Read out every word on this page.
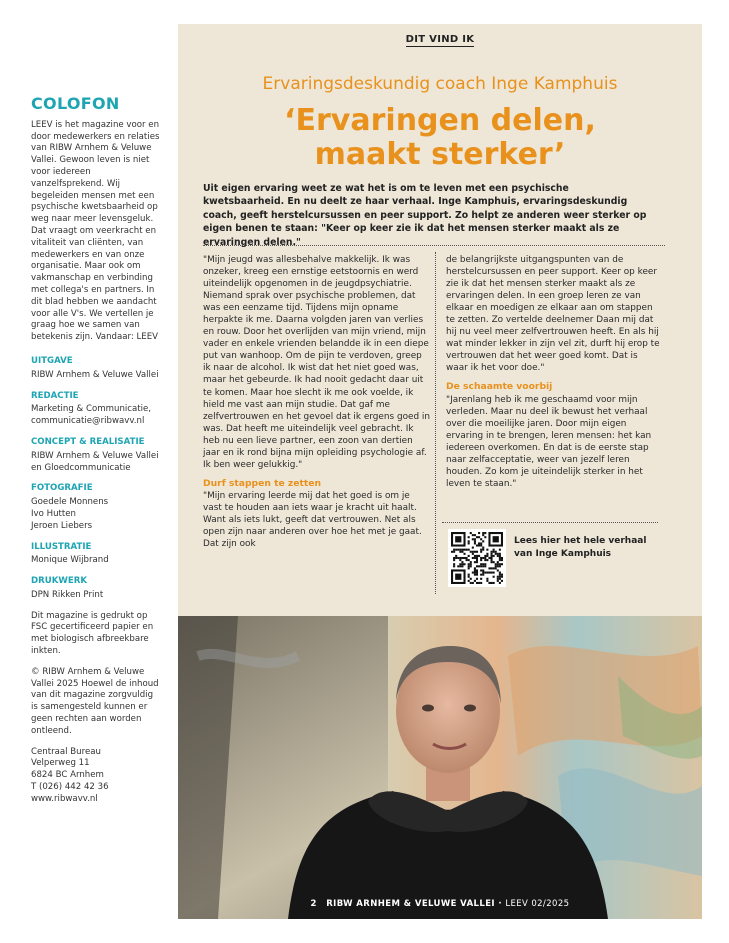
COLOFON
LEEV is het magazine voor en door medewerkers en relaties van RIBW Arnhem & Veluwe Vallei. Gewoon leven is niet voor iedereen vanzelfsprekend. Wij begeleiden mensen met een psychische kwetsbaarheid op weg naar meer levensgeluk. Dat vraagt om veerkracht en vitaliteit van cliënten, van medewerkers en van onze organisatie. Maar ook om vakmanschap en verbinding met collega's en partners. In dit blad hebben we aandacht voor alle V's. We vertellen je graag hoe we samen van betekenis zijn. Vandaar: LEEV
UITGAVE
RIBW Arnhem & Veluwe Vallei
REDACTIE
Marketing & Communicatie,
communicatie@ribwavv.nl
CONCEPT & REALISATIE
RIBW Arnhem & Veluwe Vallei
en Gloedcommunicatie
FOTOGRAFIE
Goedele Monnens
Ivo Hutten
Jeroen Liebers
ILLUSTRATIE
Monique Wijbrand
DRUKWERK
DPN Rikken Print
Dit magazine is gedrukt op FSC gecertificeerd papier en met biologisch afbreekbare inkten.
© RIBW Arnhem & Veluwe Vallei 2025 Hoewel de inhoud van dit magazine zorgvuldig is samengesteld kunnen er geen rechten aan worden ontleend.
Centraal Bureau
Velperweg 11
6824 BC Arnhem
T (026) 442 42 36
www.ribwavv.nl
DIT VIND IK
Ervaringsdeskundig coach Inge Kamphuis
‘Ervaringen delen,
maakt sterker’
Uit eigen ervaring weet ze wat het is om te leven met een psychische kwetsbaarheid. En nu deelt ze haar verhaal. Inge Kamphuis, ervaringsdeskundig coach, geeft herstelcursussen en peer support. Zo helpt ze anderen weer sterker op eigen benen te staan: "Keer op keer zie ik dat het mensen sterker maakt als ze ervaringen delen."

"Mijn jeugd was allesbehalve makkelijk. Ik was onzeker, kreeg een ernstige eetstoornis en werd uiteindelijk opgenomen in de jeugdpsychiatrie. Niemand sprak over psychische problemen, dat was een eenzame tijd. Tijdens mijn opname herpakte ik me. Daarna volgden jaren van verlies en rouw. Door het overlijden van mijn vriend, mijn vader en enkele vrienden belandde ik in een diepe put van wanhoop. Om de pijn te verdoven, greep ik naar de alcohol. Ik wist dat het niet goed was, maar het gebeurde. Ik had nooit gedacht daar uit te komen. Maar hoe slecht ik me ook voelde, ik hield me vast aan mijn studie. Dat gaf me zelfvertrouwen en het gevoel dat ik ergens goed in was. Dat heeft me uiteindelijk veel gebracht. Ik heb nu een lieve partner, een zoon van dertien jaar en ik rond bijna mijn opleiding psychologie af.

Ik ben weer gelukkig."

Durf stappen te zetten

"Mijn ervaring leerde mij dat het goed is om je vast te houden aan iets waar je kracht uit haalt. Want als iets lukt, geeft dat vertrouwen. Net als open zijn naar anderen over hoe het met je gaat. Dat zijn ook

de belangrijkste uitgangspunten van de herstelcursussen en peer support. Keer op keer zie ik dat het mensen sterker maakt als ze ervaringen delen. In een groep leren ze van elkaar en moedigen ze elkaar aan om stappen te zetten. Zo vertelde deelnemer Daan mij dat hij nu veel meer zelfvertrouwen heeft. En als hij wat minder lekker in zijn vel zit, durft hij erop te vertrouwen dat het weer goed komt. Dat is waar ik het voor doe."

De schaamte voorbij

"Jarenlang heb ik me geschaamd voor mijn verleden. Maar nu deel ik bewust het verhaal over die moeilijke jaren. Door mijn eigen ervaring in te brengen, leren mensen: het kan iedereen overkomen. En dat is de eerste stap naar zelfacceptatie, weer van jezelf leren houden. Zo kom je uiteindelijk sterker in het leven te staan."

Lees hier het hele verhaal van Inge Kamphuis
2 RIBW ARNHEM & VELUWE VALLEI · LEEV 02/2025
